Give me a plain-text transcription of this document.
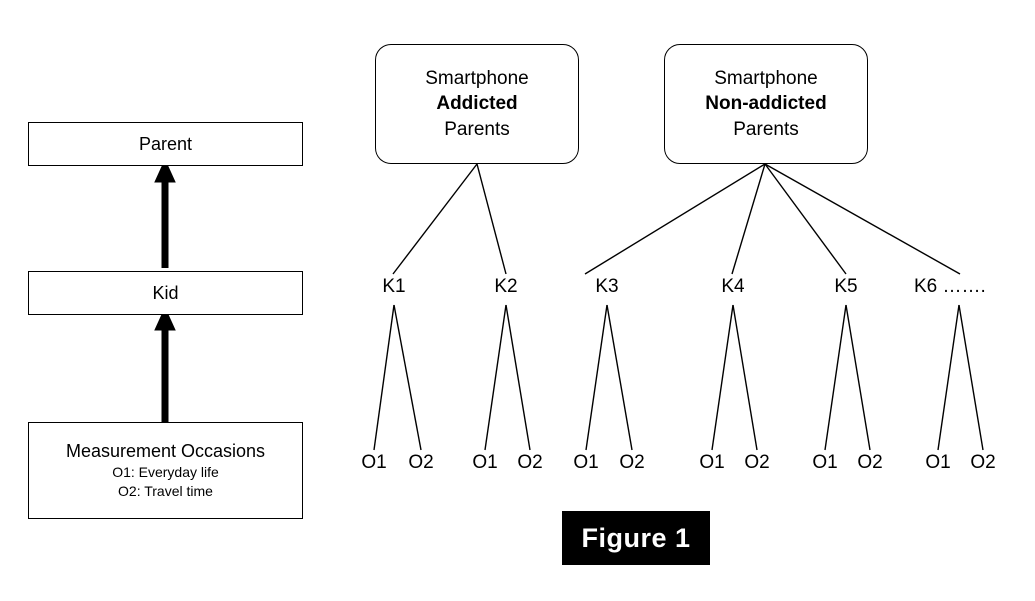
Parent
Kid
Measurement Occasions
O1: Everyday life
O2: Travel time
Smartphone
Addicted
Parents
Smartphone
Non-addicted
Parents
K1	K2	K3	K4	K5	K6 …….
O1	O2	O1	O2	O1	O2	O1	O2	O1	O2	O1	O2
Figure 1
